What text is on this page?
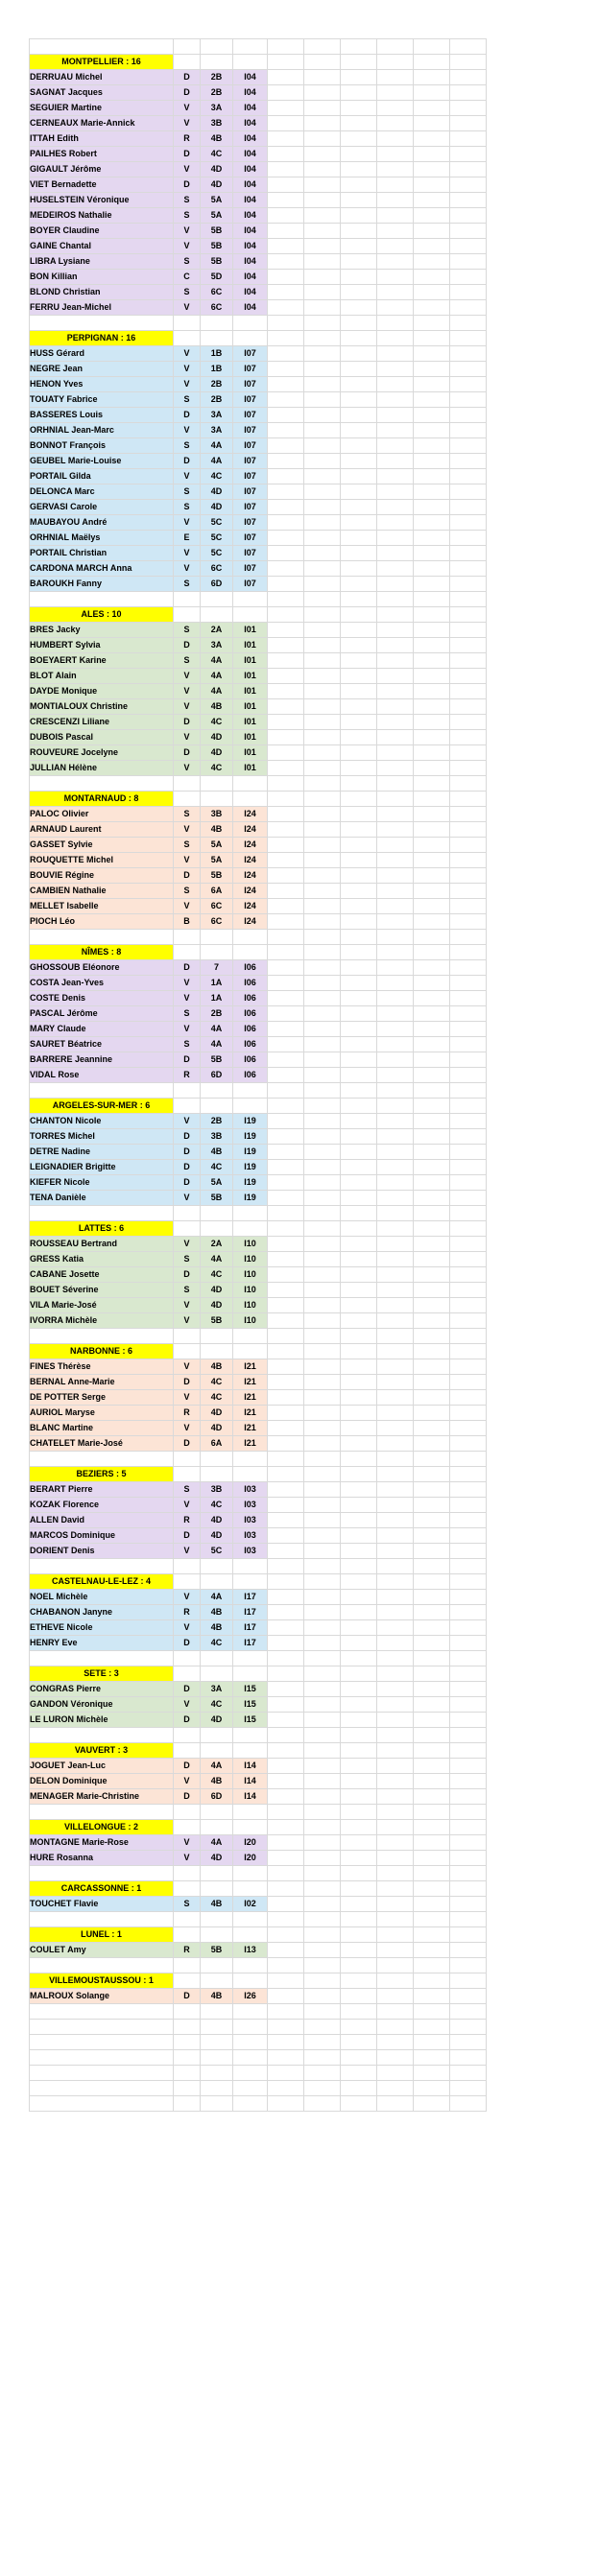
MONTPELLIER : 16									
DERRUAU Michel	D	2B	I04						
SAGNAT Jacques	D	2B	I04						
SEGUIER Martine	V	3A	I04						
CERNEAUX Marie-Annick	V	3B	I04						
ITTAH Edith	R	4B	I04						
PAILHES Robert	D	4C	I04						
GIGAULT Jérôme	V	4D	I04						
VIET Bernadette	D	4D	I04						
HUSELSTEIN Véronique	S	5A	I04						
MEDEIROS Nathalie	S	5A	I04						
BOYER Claudine	V	5B	I04						
GAINE Chantal	V	5B	I04						
LIBRA Lysiane	S	5B	I04						
BON Killian	C	5D	I04						
BLOND Christian	S	6C	I04						
FERRU Jean-Michel	V	6C	I04						

PERPIGNAN : 16									
HUSS Gérard	V	1B	I07						
NEGRE Jean	V	1B	I07						
HENON Yves	V	2B	I07						
TOUATY Fabrice	S	2B	I07						
BASSERES Louis	D	3A	I07						
ORHNIAL Jean-Marc	V	3A	I07						
BONNOT François	S	4A	I07						
GEUBEL Marie-Louise	D	4A	I07						
PORTAIL Gilda	V	4C	I07						
DELONCA Marc	S	4D	I07						
GERVASI Carole	S	4D	I07						
MAUBAYOU André	V	5C	I07						
ORHNIAL Maëlys	E	5C	I07						
PORTAIL Christian	V	5C	I07						
CARDONA MARCH Anna	V	6C	I07						
BAROUKH Fanny	S	6D	I07						

ALES : 10									
BRES Jacky	S	2A	I01						
HUMBERT Sylvia	D	3A	I01						
BOEYAERT Karine	S	4A	I01						
BLOT Alain	V	4A	I01						
DAYDE Monique	V	4A	I01						
MONTIALOUX Christine	V	4B	I01						
CRESCENZI Liliane	D	4C	I01						
DUBOIS Pascal	V	4D	I01						
ROUVEURE Jocelyne	D	4D	I01						
JULLIAN Hélène	V	4C	I01						

MONTARNAUD : 8									
PALOC Olivier	S	3B	I24						
ARNAUD Laurent	V	4B	I24						
GASSET Sylvie	S	5A	I24						
ROUQUETTE Michel	V	5A	I24						
BOUVIE Régine	D	5B	I24						
CAMBIEN Nathalie	S	6A	I24						
MELLET Isabelle	V	6C	I24						
PIOCH Léo	B	6C	I24						

NÎMES : 8									
GHOSSOUB Eléonore	D	7	I06						
COSTA Jean-Yves	V	1A	I06						
COSTE Denis	V	1A	I06						
PASCAL Jérôme	S	2B	I06						
MARY Claude	V	4A	I06						
SAURET Béatrice	S	4A	I06						
BARRERE Jeannine	D	5B	I06						
VIDAL Rose	R	6D	I06						

ARGELES-SUR-MER : 6									
CHANTON Nicole	V	2B	I19						
TORRES Michel	D	3B	I19						
DETRE Nadine	D	4B	I19						
LEIGNADIER Brigitte	D	4C	I19						
KIEFER Nicole	D	5A	I19						
TENA Danièle	V	5B	I19						

LATTES : 6									
ROUSSEAU Bertrand	V	2A	I10						
GRESS Katia	S	4A	I10						
CABANE Josette	D	4C	I10						
BOUET Séverine	S	4D	I10						
VILA Marie-José	V	4D	I10						
IVORRA Michèle	V	5B	I10						

NARBONNE : 6									
FINES Thérèse	V	4B	I21						
BERNAL Anne-Marie	D	4C	I21						
DE POTTER Serge	V	4C	I21						
AURIOL Maryse	R	4D	I21						
BLANC Martine	V	4D	I21						
CHATELET Marie-José	D	6A	I21						

BEZIERS : 5									
BERART Pierre	S	3B	I03						
KOZAK Florence	V	4C	I03						
ALLEN David	R	4D	I03						
MARCOS Dominique	D	4D	I03						
DORIENT Denis	V	5C	I03						

CASTELNAU-LE-LEZ : 4									
NOEL Michèle	V	4A	I17						
CHABANON Janyne	R	4B	I17						
ETHEVE Nicole	V	4B	I17						
HENRY Eve	D	4C	I17						

SETE : 3									
CONGRAS Pierre	D	3A	I15						
GANDON Véronique	V	4C	I15						
LE LURON Michèle	D	4D	I15						

VAUVERT : 3									
JOGUET Jean-Luc	D	4A	I14						
DELON Dominique	V	4B	I14						
MENAGER Marie-Christine	D	6D	I14						

VILLELONGUE : 2									
MONTAGNE Marie-Rose	V	4A	I20						
HURE Rosanna	V	4D	I20						

CARCASSONNE : 1									
TOUCHET Flavie	S	4B	I02						

LUNEL : 1									
COULET Amy	R	5B	I13						

VILLEMOUSTAUSSOU : 1									
MALROUX Solange	D	4B	I26						
